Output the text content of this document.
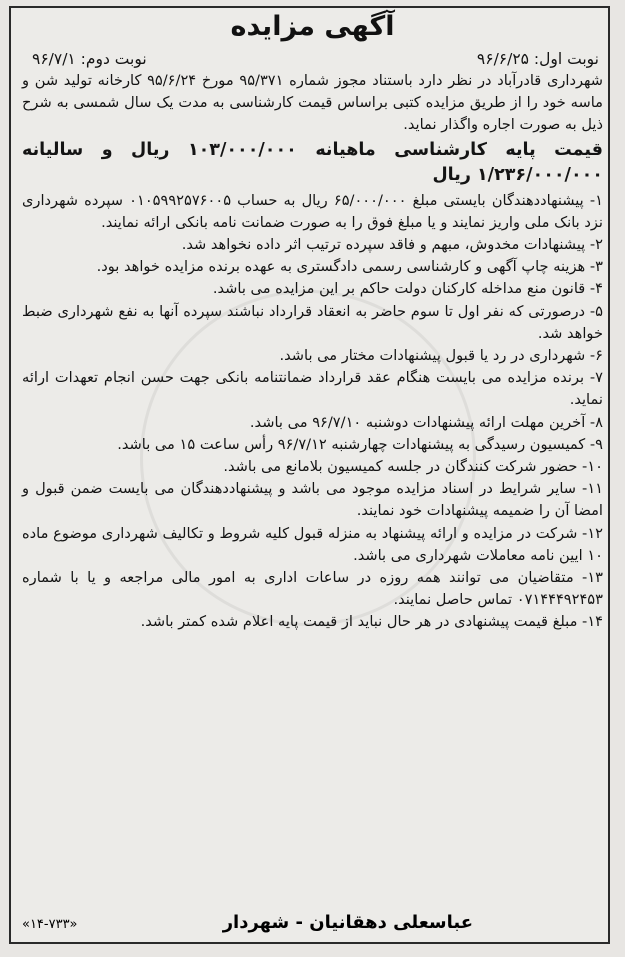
آگهی مزایده
نوبت اول: ۹۶/۶/۲۵
نوبت دوم: ۹۶/۷/۱

شهرداری قادرآباد در نظر دارد باستناد مجوز شماره ۹۵/۳۷۱ مورخ ۹۵/۶/۲۴ کارخانه تولید شن و ماسه خود را از طریق مزایده کتبی براساس قیمت کارشناسی به مدت یک سال شمسی به شرح ذیل به صورت اجاره واگذار نماید.

قیمت پایه کارشناسی ماهیانه ۱۰۳/۰۰۰/۰۰۰ ریال و سالیانه ۱/۲۳۶/۰۰۰/۰۰۰ ریال

۱- پیشنهاددهندگان بایستی مبلغ ۶۵/۰۰۰/۰۰۰ ریال به حساب ۰۱۰۵۹۹۲۵۷۶۰۰۵ سپرده شهرداری نزد بانک ملی واریز نمایند و یا مبلغ فوق را به صورت ضمانت نامه بانکی ارائه نمایند.

۲- پیشنهادات مخدوش، مبهم و فاقد سپرده ترتیب اثر داده نخواهد شد.

۳- هزینه چاپ آگهی و کارشناسی رسمی دادگستری به عهده برنده مزایده خواهد بود.

۴- قانون منع مداخله کارکنان دولت حاکم بر این مزایده می باشد.

۵- درصورتی که نفر اول تا سوم حاضر به انعقاد قرارداد نباشند سپرده آنها به نفع شهرداری ضبط خواهد شد.

۶- شهرداری در رد یا قبول پیشنهادات مختار می باشد.

۷- برنده مزایده می بایست هنگام عقد قرارداد ضمانتنامه بانکی جهت حسن انجام تعهدات ارائه نماید.

۸- آخرین مهلت ارائه پیشنهادات دوشنبه ۹۶/۷/۱۰ می باشد.

۹- کمیسیون رسیدگی به پیشنهادات چهارشنبه ۹۶/۷/۱۲ رأس ساعت ۱۵ می باشد.

۱۰- حضور شرکت کنندگان در جلسه کمیسیون بلامانع می باشد.

۱۱- سایر شرایط در اسناد مزایده موجود می باشد و پیشنهاددهندگان می بایست ضمن قبول و امضا آن را ضمیمه پیشنهادات خود نمایند.

۱۲- شرکت در مزایده و ارائه پیشنهاد به منزله قبول کلیه شروط و تکالیف شهرداری موضوع ماده ۱۰ ایین نامه معاملات شهرداری می باشد.

۱۳- متقاضیان می توانند همه روزه در ساعات اداری به امور مالی مراجعه و یا با شماره ۰۷۱۴۴۴۹۲۴۵۳ تماس حاصل نمایند.

۱۴- مبلغ قیمت پیشنهادی در هر حال نباید از قیمت پایه اعلام شده کمتر باشد.

عباسعلی دهقانیان - شهردار
«۱۴-۷۳۳»
